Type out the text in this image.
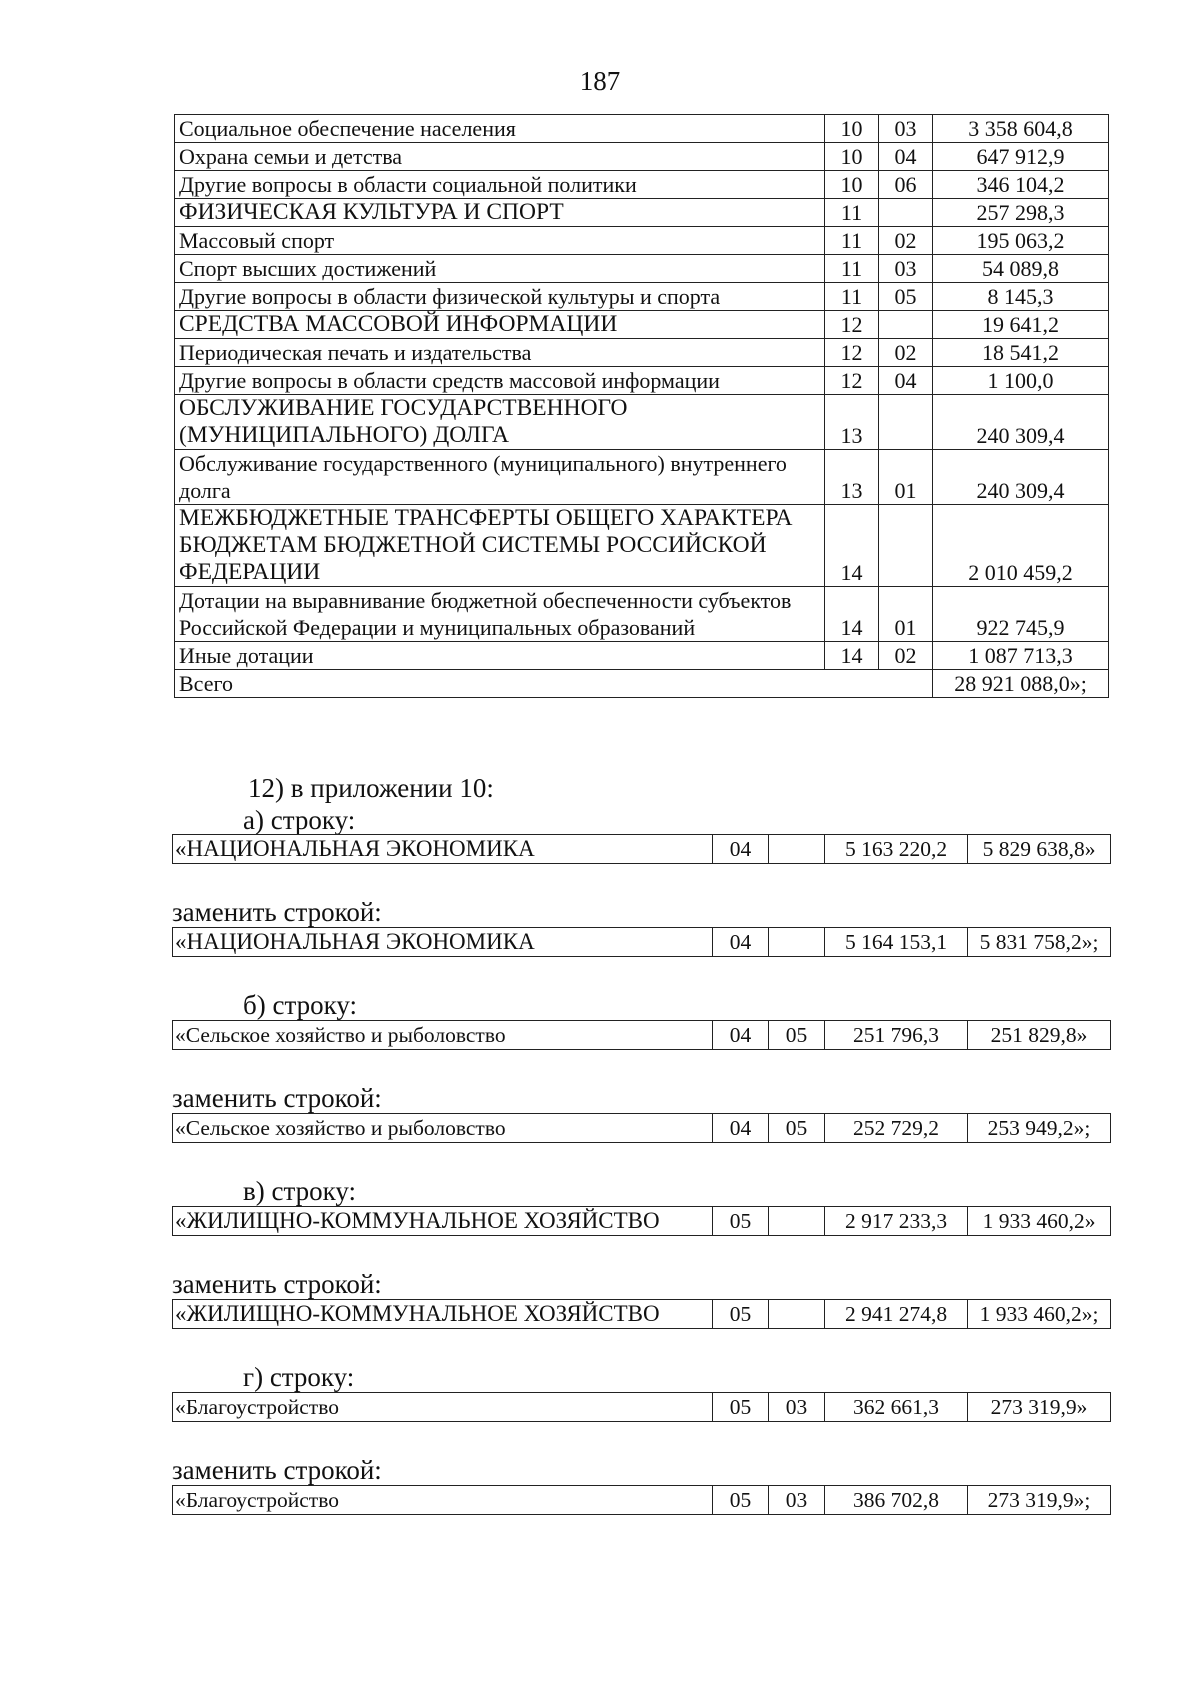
187
Социальное обеспечение населения	10	03	3 358 604,8
Охрана семьи и детства	10	04	647 912,9
Другие вопросы в области социальной политики	10	06	346 104,2
ФИЗИЧЕСКАЯ КУЛЬТУРА И СПОРТ	11		257 298,3
Массовый спорт	11	02	195 063,2
Спорт высших достижений	11	03	54 089,8
Другие вопросы в области физической культуры и спорта	11	05	8 145,3
СРЕДСТВА МАССОВОЙ ИНФОРМАЦИИ	12		19 641,2
Периодическая печать и издательства	12	02	18 541,2
Другие вопросы в области средств массовой информации	12	04	1 100,0
ОБСЛУЖИВАНИЕ ГОСУДАРСТВЕННОГО (МУНИЦИПАЛЬНОГО) ДОЛГА	13		240 309,4
Обслуживание государственного (муниципального) внутреннего долга	13	01	240 309,4
МЕЖБЮДЖЕТНЫЕ ТРАНСФЕРТЫ ОБЩЕГО ХАРАКТЕРА БЮДЖЕТАМ БЮДЖЕТНОЙ СИСТЕМЫ РОССИЙСКОЙ ФЕДЕРАЦИИ	14		2 010 459,2
Дотации на выравнивание бюджетной обеспеченности субъектов Российской Федерации и муниципальных образований	14	01	922 745,9
Иные дотации	14	02	1 087 713,3
Всего			28 921 088,0»;
12) в приложении 10:
а) строку:
«НАЦИОНАЛЬНАЯ ЭКОНОМИКА	04		5 163 220,2	5 829 638,8»
заменить строкой:
«НАЦИОНАЛЬНАЯ ЭКОНОМИКА	04		5 164 153,1	5 831 758,2»;
б) строку:
«Сельское хозяйство и рыболовство	04	05	251 796,3	251 829,8»
заменить строкой:
«Сельское хозяйство и рыболовство	04	05	252 729,2	253 949,2»;
в) строку:
«ЖИЛИЩНО-КОММУНАЛЬНОЕ ХОЗЯЙСТВО	05		2 917 233,3	1 933 460,2»
заменить строкой:
«ЖИЛИЩНО-КОММУНАЛЬНОЕ ХОЗЯЙСТВО	05		2 941 274,8	1 933 460,2»;
г) строку:
«Благоустройство	05	03	362 661,3	273 319,9»
заменить строкой:
«Благоустройство	05	03	386 702,8	273 319,9»;
